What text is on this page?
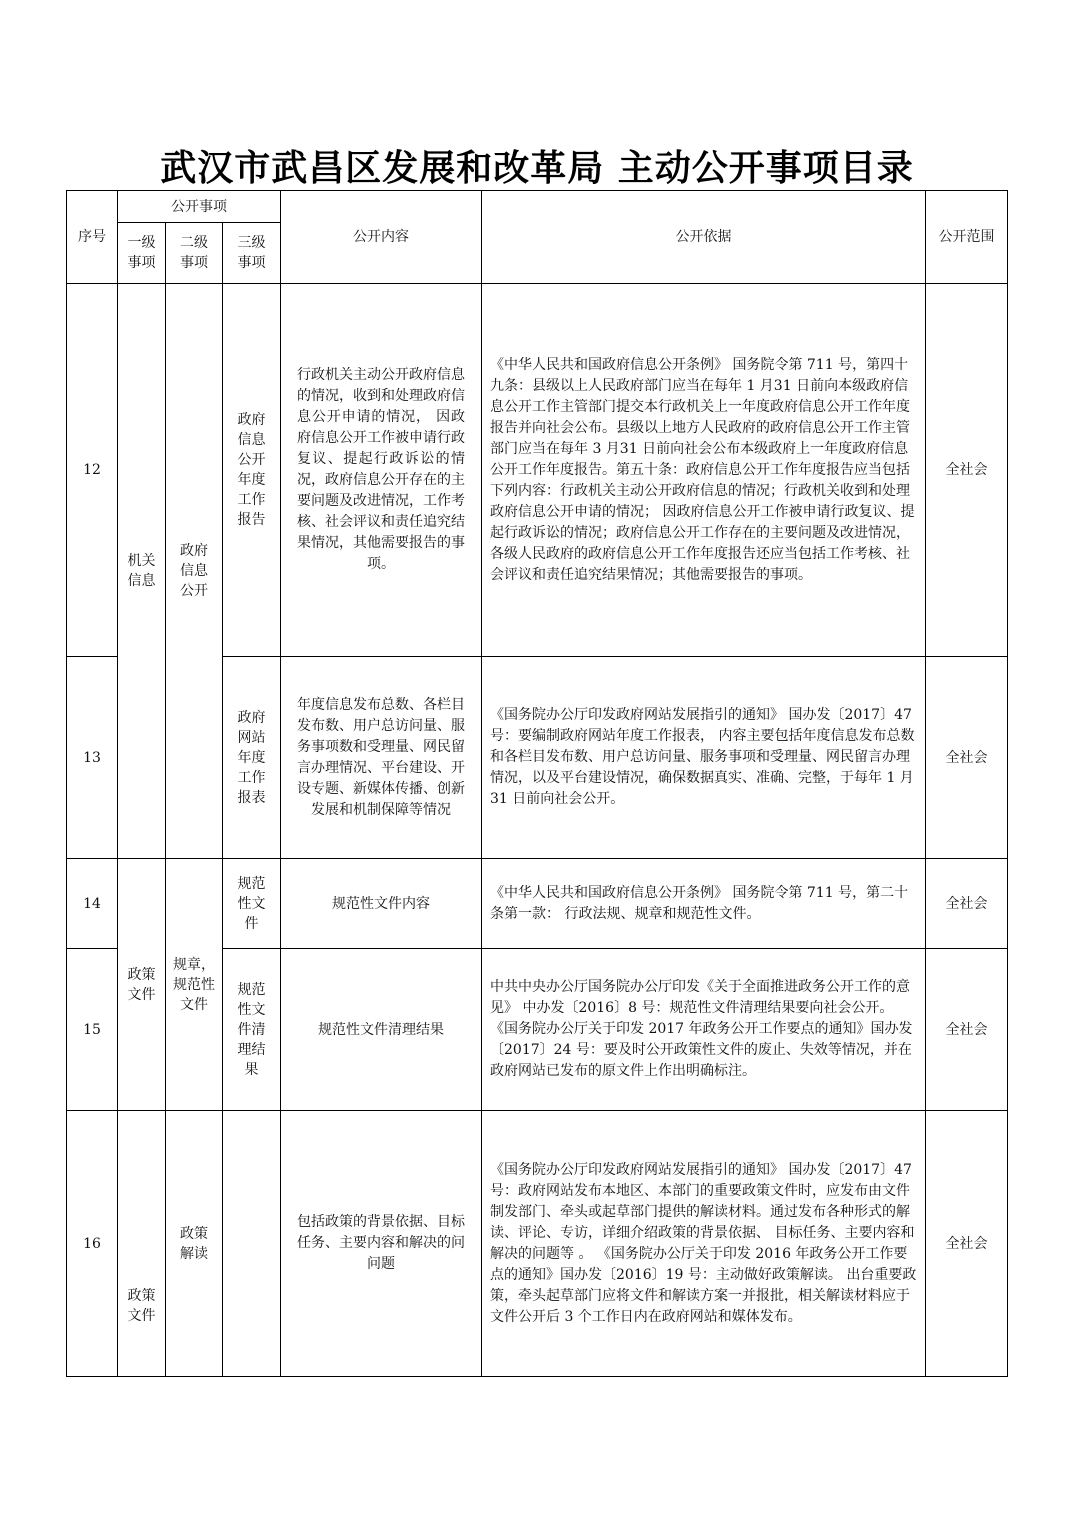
武汉市武昌区发展和改革局 主动公开事项目录
序号	公开事项			公开内容	公开依据	公开范围
	一级事项	二级事项	三级事项			
12	机关信息	政府信息公开	政府信息公开年度工作报告	行政机关主动公开政府信息的情况，收到和处理政府信息公开申请的情况， 因政府信息公开工作被申请行政复议、提起行政诉讼的情况，政府信息公开存在的主要问题及改进情况，工作考核、社会评议和责任追究结果情况，其他需要报告的事项。	《中华人民共和国政府信息公开条例》 国务院令第 711 号，第四十九条：县级以上人民政府部门应当在每年 1 月31 日前向本级政府信息公开工作主管部门提交本行政机关上一年度政府信息公开工作年度报告并向社会公布。县级以上地方人民政府的政府信息公开工作主管部门应当在每年 3 月31 日前向社会公布本级政府上一年度政府信息公开工作年度报告。第五十条：政府信息公开工作年度报告应当包括下列内容：行政机关主动公开政府信息的情况；行政机关收到和处理政府信息公开申请的情况； 因政府信息公开工作被申请行政复议、提起行政诉讼的情况；政府信息公开工作存在的主要问题及改进情况，各级人民政府的政府信息公开工作年度报告还应当包括工作考核、社会评议和责任追究结果情况；其他需要报告的事项。	全社会
13			政府网站年度工作报表	年度信息发布总数、各栏目发布数、用户总访问量、服务事项数和受理量、网民留言办理情况、平台建设、开设专题、新媒体传播、创新发展和机制保障等情况	《国务院办公厅印发政府网站发展指引的通知》 国办发〔2017〕47 号：要编制政府网站年度工作报表， 内容主要包括年度信息发布总数和各栏目发布数、用户总访问量、服务事项和受理量、网民留言办理情况，以及平台建设情况，确保数据真实、准确、完整，于每年 1 月 31 日前向社会公开。	全社会
14	政策文件	规章，规范性文件	规范性文件	规范性文件内容	《中华人民共和国政府信息公开条例》 国务院令第 711 号，第二十条第一款： 行政法规、规章和规范性文件。	全社会
15			规范性文件清理结果	规范性文件清理结果	中共中央办公厅国务院办公厅印发《关于全面推进政务公开工作的意见》 中办发〔2016〕8 号：规范性文件清理结果要向社会公开。 《国务院办公厅关于印发 2017 年政务公开工作要点的通知》国办发〔2017〕24 号：要及时公开政策性文件的废止、失效等情况，并在政府网站已发布的原文件上作出明确标注。	全社会
16	政策文件	政策解读		包括政策的背景依据、目标任务、主要内容和解决的问问题	《国务院办公厅印发政府网站发展指引的通知》 国办发〔2017〕47 号：政府网站发布本地区、本部门的重要政策文件时，应发布由文件制发部门、牵头或起草部门提供的解读材料。通过发布各种形式的解读、评论、专访，详细介绍政策的背景依据、 目标任务、主要内容和解决的问题等 。 《国务院办公厅关于印发 2016 年政务公开工作要点的通知》国办发〔2016〕19 号：主动做好政策解读。 出台重要政策，牵头起草部门应将文件和解读方案一并报批，相关解读材料应于文件公开后 3 个工作日内在政府网站和媒体发布。	全社会
